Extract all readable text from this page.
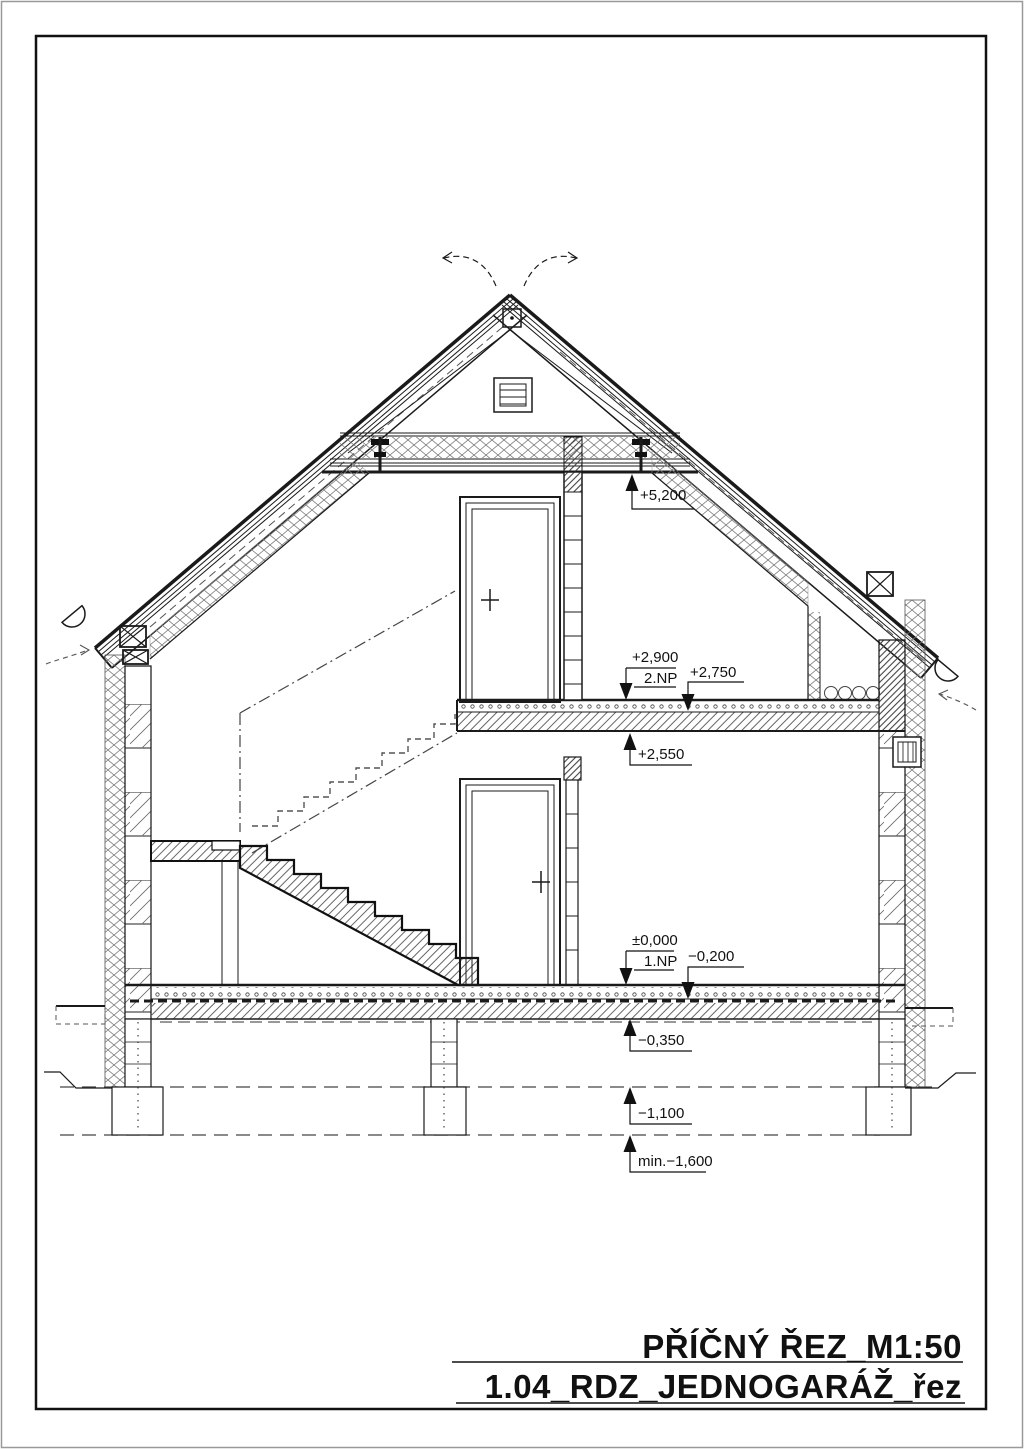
+5,200
+2,900
2.NP +2,750
+2,550
±0,000
1.NP −0,200
−0,350
−1,100
min.−1,600
PŘÍČNÝ ŘEZ_M1:50
1.04_RDZ_JEDNOGARÁŽ_řez
